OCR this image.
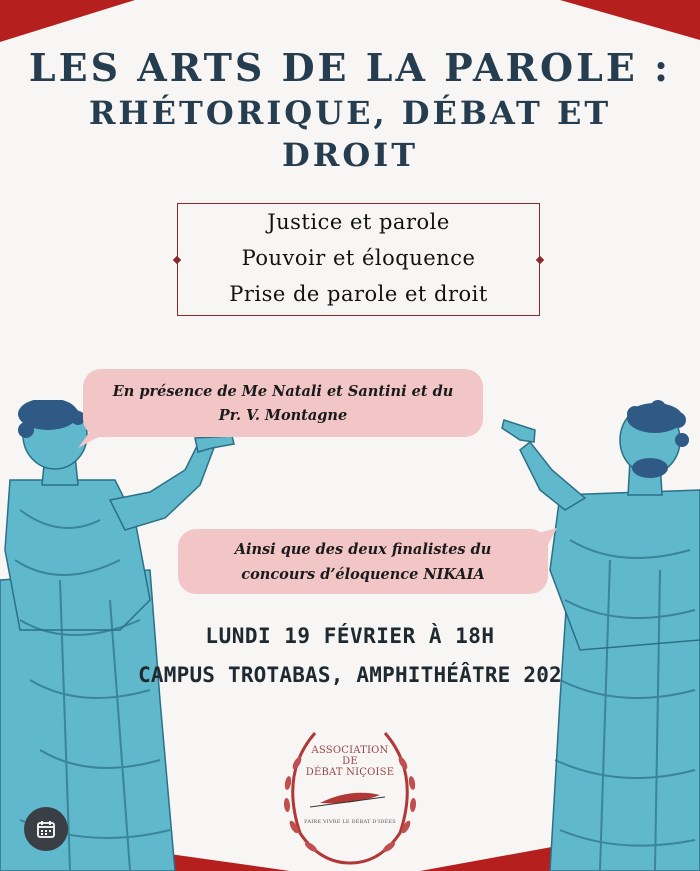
LES ARTS DE LA PAROLE :
RHÉTORIQUE, DÉBAT ET
DROIT
Justice et parole
Pouvoir et éloquence
Prise de parole et droit
En présence de Me Natali et Santini et du
Pr. V. Montagne
Ainsi que des deux finalistes du
concours d’éloquence NIKAIA
LUNDI 19 FÉVRIER À 18H
CAMPUS TROTABAS, AMPHITHÉÂTRE 202
ASSOCIATION
DE
DÉBAT NIÇOISE
FAIRE VIVRE LE DÉBAT D'IDÉES
